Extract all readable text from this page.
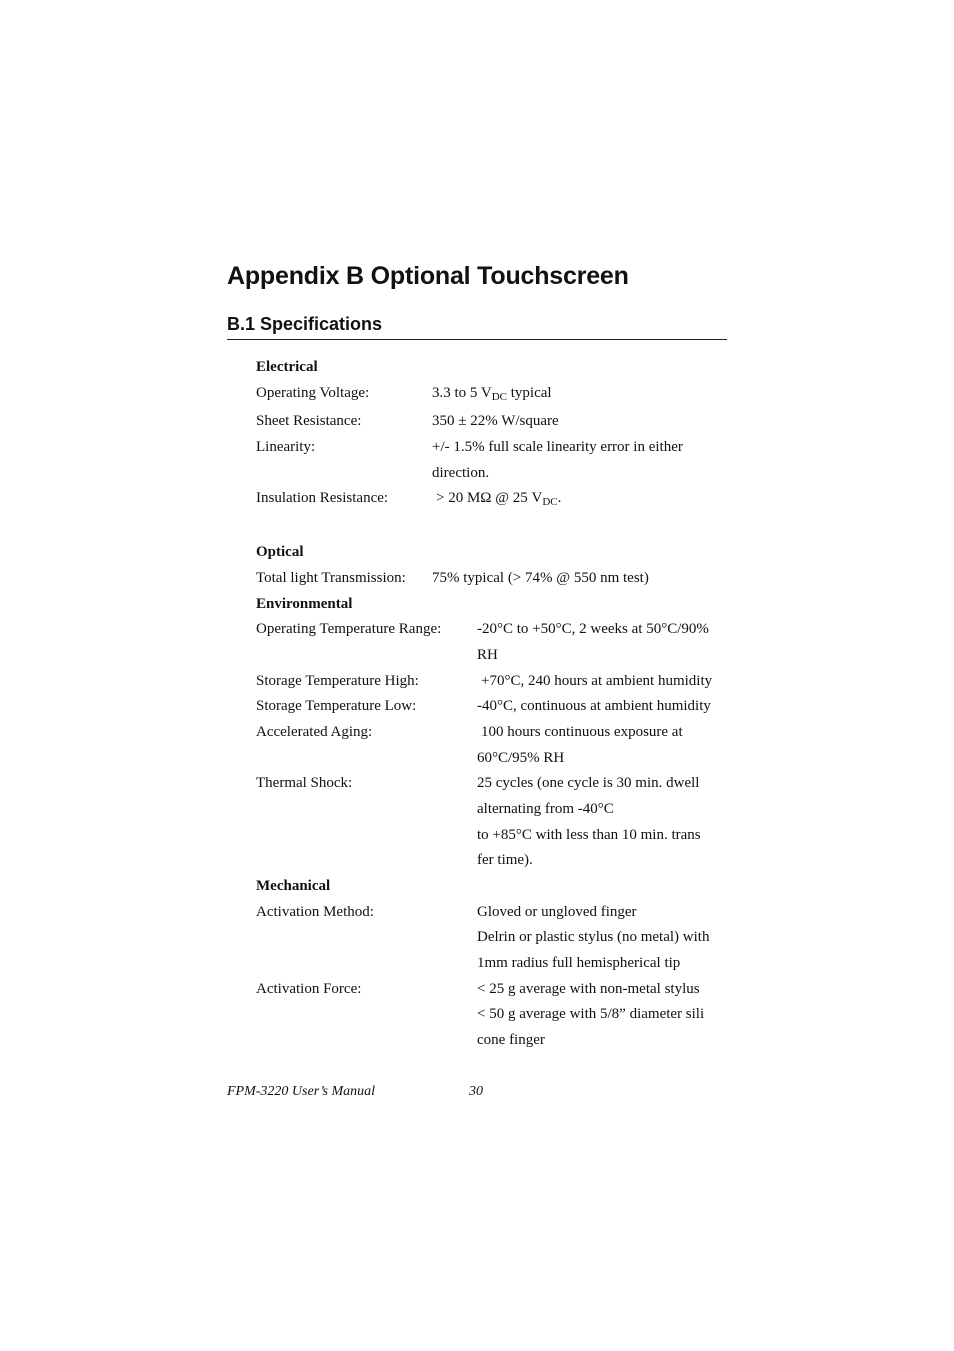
Appendix B Optional Touchscreen
B.1 Specifications
Electrical
Operating Voltage:	3.3 to 5 $V_{DC}$ typical
Sheet Resistance:	350 ± 22% W/square
Linearity:	+/- 1.5% full scale linearity error in either
direction.
Insulation Resistance:	> 20 MΩ @ 25 $V_{DC}$.
Optical
Total light Transmission: 75% typical (> 74% @ 550 nm test)
Environmental
Operating Temperature Range: -20°C to +50°C, 2 weeks at 50°C/90%
RH
Storage Temperature High:	+70°C, 240 hours at ambient humidity
Storage Temperature Low:	-40°C, continuous at ambient humidity
Accelerated Aging:	100 hours continuous exposure at
60°C/95% RH
Thermal Shock:	25 cycles (one cycle is 30 min. dwell
alternating from -40°C
to +85°C with less than 10 min. trans
fer time).
Mechanical
Activation Method:	Gloved or ungloved finger
Delrin or plastic stylus (no metal) with
1mm radius full hemispherical tip
Activation Force:	< 25 g average with non-metal stylus
< 50 g average with 5/8” diameter sili
cone finger
FPM-3220 User’s Manual	30
